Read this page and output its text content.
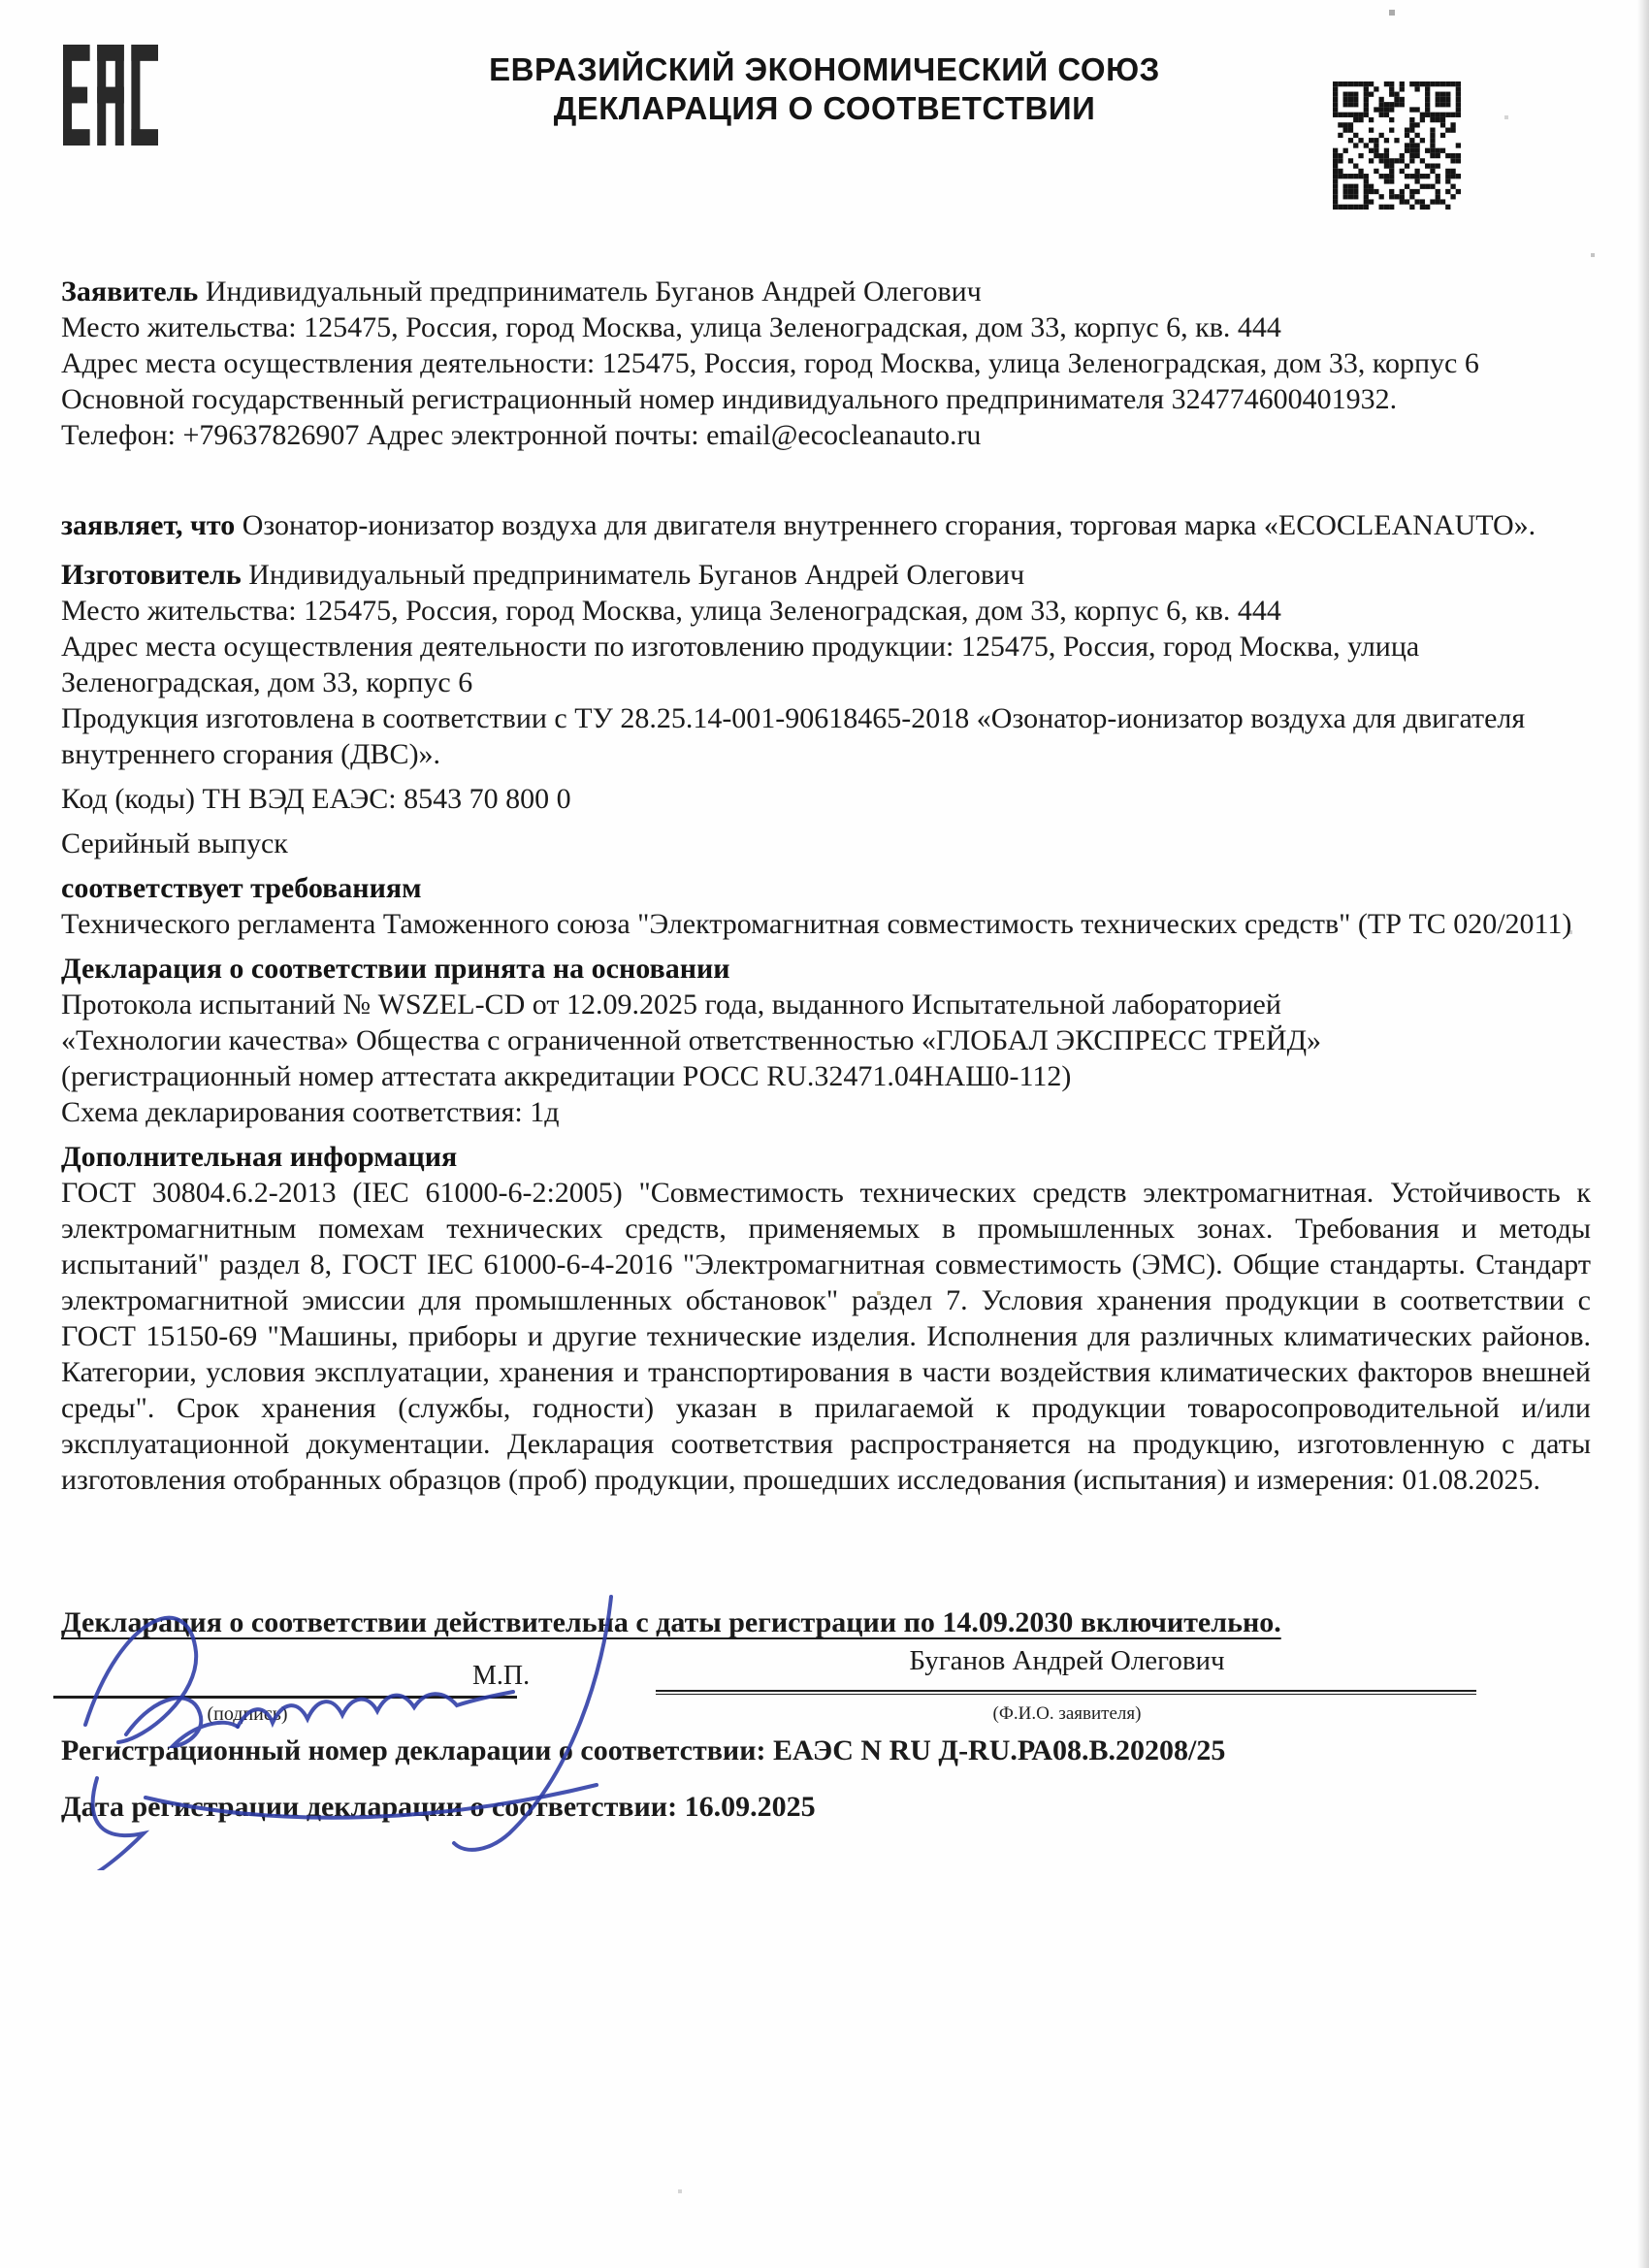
ЕВРАЗИЙСКИЙ ЭКОНОМИЧЕСКИЙ СОЮЗ
ДЕКЛАРАЦИЯ О СООТВЕТСТВИИ
Заявитель Индивидуальный предприниматель Буганов Андрей Олегович
Место жительства: 125475, Россия, город Москва, улица Зеленоградская, дом 33, корпус 6, кв. 444
Адрес места осуществления деятельности: 125475, Россия, город Москва, улица Зеленоградская, дом 33, корпус 6
Основной государственный регистрационный номер индивидуального предпринимателя 324774600401932.
Телефон: +79637826907 Адрес электронной почты: email@ecocleanauto.ru
заявляет, что Озонатор-ионизатор воздуха для двигателя внутреннего сгорания, торговая марка «ECOCLEANAUTO».
Изготовитель Индивидуальный предприниматель Буганов Андрей Олегович
Место жительства: 125475, Россия, город Москва, улица Зеленоградская, дом 33, корпус 6, кв. 444
Адрес места осуществления деятельности по изготовлению продукции: 125475, Россия, город Москва, улица Зеленоградская, дом 33, корпус 6
Продукция изготовлена в соответствии с ТУ 28.25.14-001-90618465-2018 «Озонатор-ионизатор воздуха для двигателя внутреннего сгорания (ДВС)».
Код (коды) ТН ВЭД ЕАЭС: 8543 70 800 0
Серийный выпуск
соответствует требованиям
Технического регламента Таможенного союза "Электромагнитная совместимость технических средств" (ТР ТС 020/2011)
Декларация о соответствии принята на основании
Протокола испытаний № WSZEL-CD от 12.09.2025 года, выданного Испытательной лабораторией
«Технологии качества» Общества с ограниченной ответственностью «ГЛОБАЛ ЭКСПРЕСС ТРЕЙД»
(регистрационный номер аттестата аккредитации РОСС RU.32471.04НАШ0-112)
Схема декларирования соответствия: 1д
Дополнительная информация
ГОСТ 30804.6.2-2013 (IEC 61000-6-2:2005) "Совместимость технических средств электромагнитная. Устойчивость к электромагнитным помехам технических средств, применяемых в промышленных зонах. Требования и методы испытаний" раздел 8, ГОСТ IEC 61000-6-4-2016 "Электромагнитная совместимость (ЭМС). Общие стандарты. Стандарт электромагнитной эмиссии для промышленных обстановок" раздел 7. Условия хранения продукции в соответствии с ГОСТ 15150-69 "Машины, приборы и другие технические изделия. Исполнения для различных климатических районов. Категории, условия эксплуатации, хранения и транспортирования в части воздействия климатических факторов внешней среды". Срок хранения (службы, годности) указан в прилагаемой к продукции товаросопроводительной и/или эксплуатационной документации. Декларация соответствия распространяется на продукцию, изготовленную с даты изготовления отобранных образцов (проб) продукции, прошедших исследования (испытания) и измерения: 01.08.2025.
Декларация о соответствии действительна с даты регистрации по 14.09.2030 включительно.
М.П.
(подпись)
Буганов Андрей Олегович
(Ф.И.О. заявителя)
Регистрационный номер декларации о соответствии: ЕАЭС N RU Д-RU.РА08.В.20208/25
Дата регистрации декларации о соответствии: 16.09.2025
